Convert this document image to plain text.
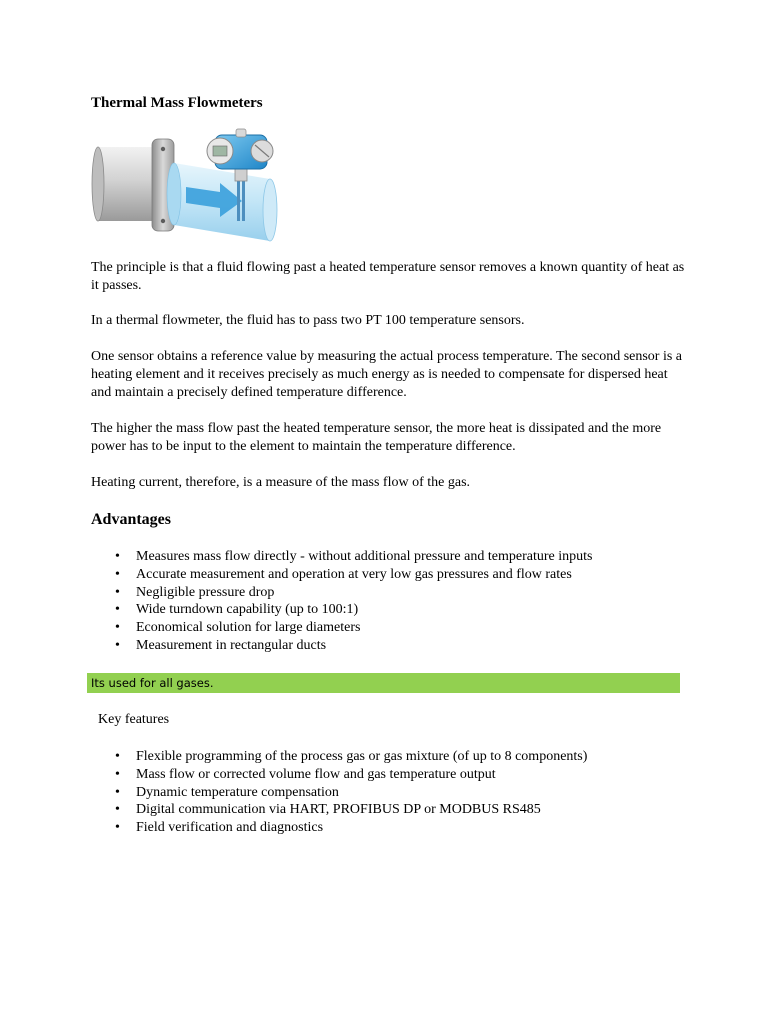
Thermal Mass Flowmeters

The principle is that a fluid flowing past a heated temperature sensor removes a known quantity of heat as it passes.

In a thermal flowmeter, the fluid has to pass two PT 100 temperature sensors.

One sensor obtains a reference value by measuring the actual process temperature. The second sensor is a heating element and it receives precisely as much energy as is needed to compensate for dispersed heat and maintain a precisely defined temperature difference.

The higher the mass flow past the heated temperature sensor, the more heat is dissipated and the more power has to be input to the element to maintain the temperature difference.

Heating current, therefore, is a measure of the mass flow of the gas.

Advantages
• Measures mass flow directly - without additional pressure and temperature inputs
• Accurate measurement and operation at very low gas pressures and flow rates
• Negligible pressure drop
• Wide turndown capability (up to 100:1)
• Economical solution for large diameters
• Measurement in rectangular ducts
Its used for all gases.

Key features

• Flexible programming of the process gas or gas mixture (of up to 8 components)
• Mass flow or corrected volume flow and gas temperature output
• Dynamic temperature compensation
• Digital communication via HART, PROFIBUS DP or MODBUS RS485
• Field verification and diagnostics
